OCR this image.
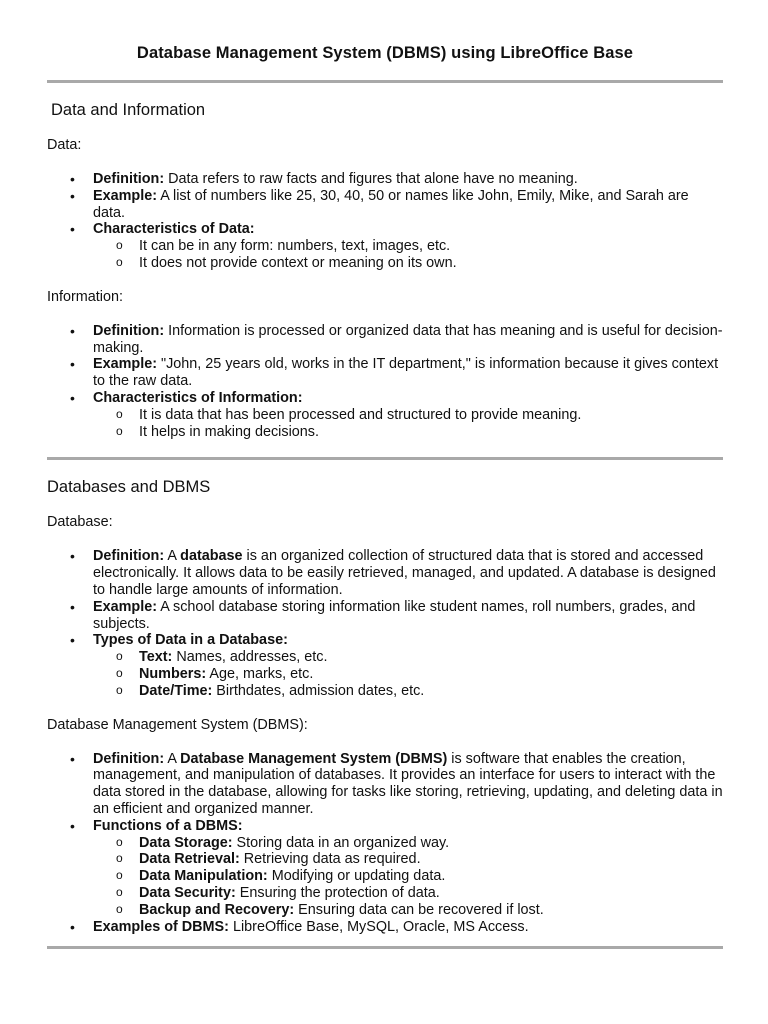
Database Management System (DBMS) using LibreOffice Base
Data and Information

Data:

• Definition: Data refers to raw facts and figures that alone have no meaning.
• Example: A list of numbers like 25, 30, 40, 50 or names like John, Emily, Mike, and Sarah are data.
• Characteristics of Data:
o It can be in any form: numbers, text, images, etc.
o It does not provide context or meaning on its own.

Information:

• Definition: Information is processed or organized data that has meaning and is useful for decision-making.
• Example: "John, 25 years old, works in the IT department," is information because it gives context to the raw data.
• Characteristics of Information:
o It is data that has been processed and structured to provide meaning.
o It helps in making decisions.
Databases and DBMS

Database:

• Definition: A database is an organized collection of structured data that is stored and accessed electronically. It allows data to be easily retrieved, managed, and updated. A database is designed to handle large amounts of information.
• Example: A school database storing information like student names, roll numbers, grades, and subjects.
• Types of Data in a Database:
o Text: Names, addresses, etc.
o Numbers: Age, marks, etc.
o Date/Time: Birthdates, admission dates, etc.

Database Management System (DBMS):

• Definition: A Database Management System (DBMS) is software that enables the creation, management, and manipulation of databases. It provides an interface for users to interact with the data stored in the database, allowing for tasks like storing, retrieving, updating, and deleting data in an efficient and organized manner.
• Functions of a DBMS:
o Data Storage: Storing data in an organized way.
o Data Retrieval: Retrieving data as required.
o Data Manipulation: Modifying or updating data.
o Data Security: Ensuring the protection of data.
o Backup and Recovery: Ensuring data can be recovered if lost.
• Examples of DBMS: LibreOffice Base, MySQL, Oracle, MS Access.
